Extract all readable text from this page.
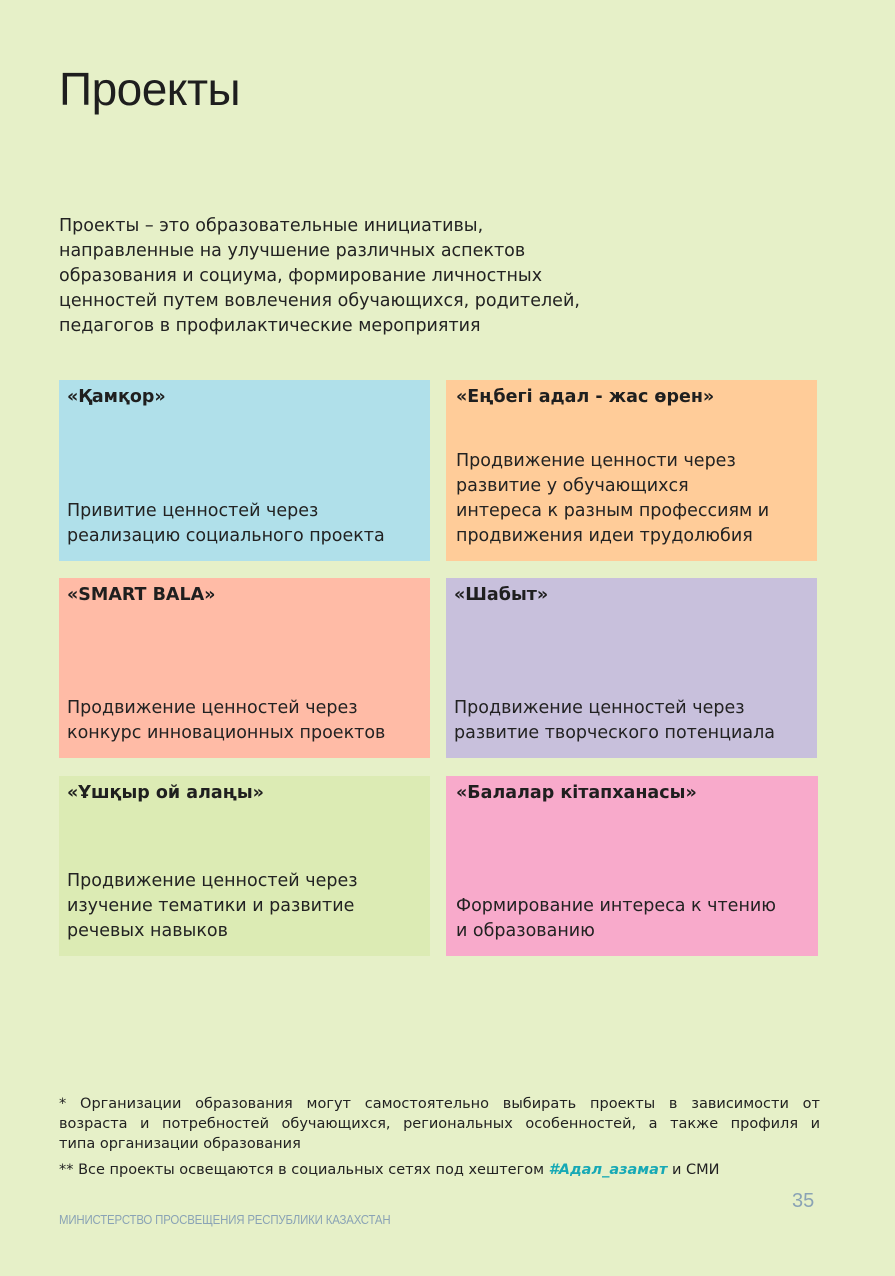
Проекты
Проекты – это образовательные инициативы,
направленные на улучшение различных аспектов
образования и социума, формирование личностных
ценностей путем вовлечения обучающихся, родителей,
педагогов в профилактические мероприятия
«Қамқор»
Привитие ценностей через
реализацию социального проекта
«Еңбегі адал - жас өрен»
Продвижение ценности через
развитие у обучающихся
интереса к разным профессиям и
продвижения идеи трудолюбия
«SMART BALA»
Продвижение ценностей через
конкурс инновационных проектов
«Шабыт»
Продвижение ценностей через
развитие творческого потенциала
«Ұшқыр ой алаңы»
Продвижение ценностей через
изучение тематики и развитие
речевых навыков
«Балалар кітапханасы»
Формирование интереса к чтению
и образованию
* Организации образования могут самостоятельно выбирать проекты в зависимости от
возраста и потребностей обучающихся, региональных особенностей, а также профиля и
типа организации образования
** Все проекты освещаются в социальных сетях под хештегом #Адал_азамат и СМИ
35
МИНИСТЕРСТВО ПРОСВЕЩЕНИЯ РЕСПУБЛИКИ КАЗАХСТАН
